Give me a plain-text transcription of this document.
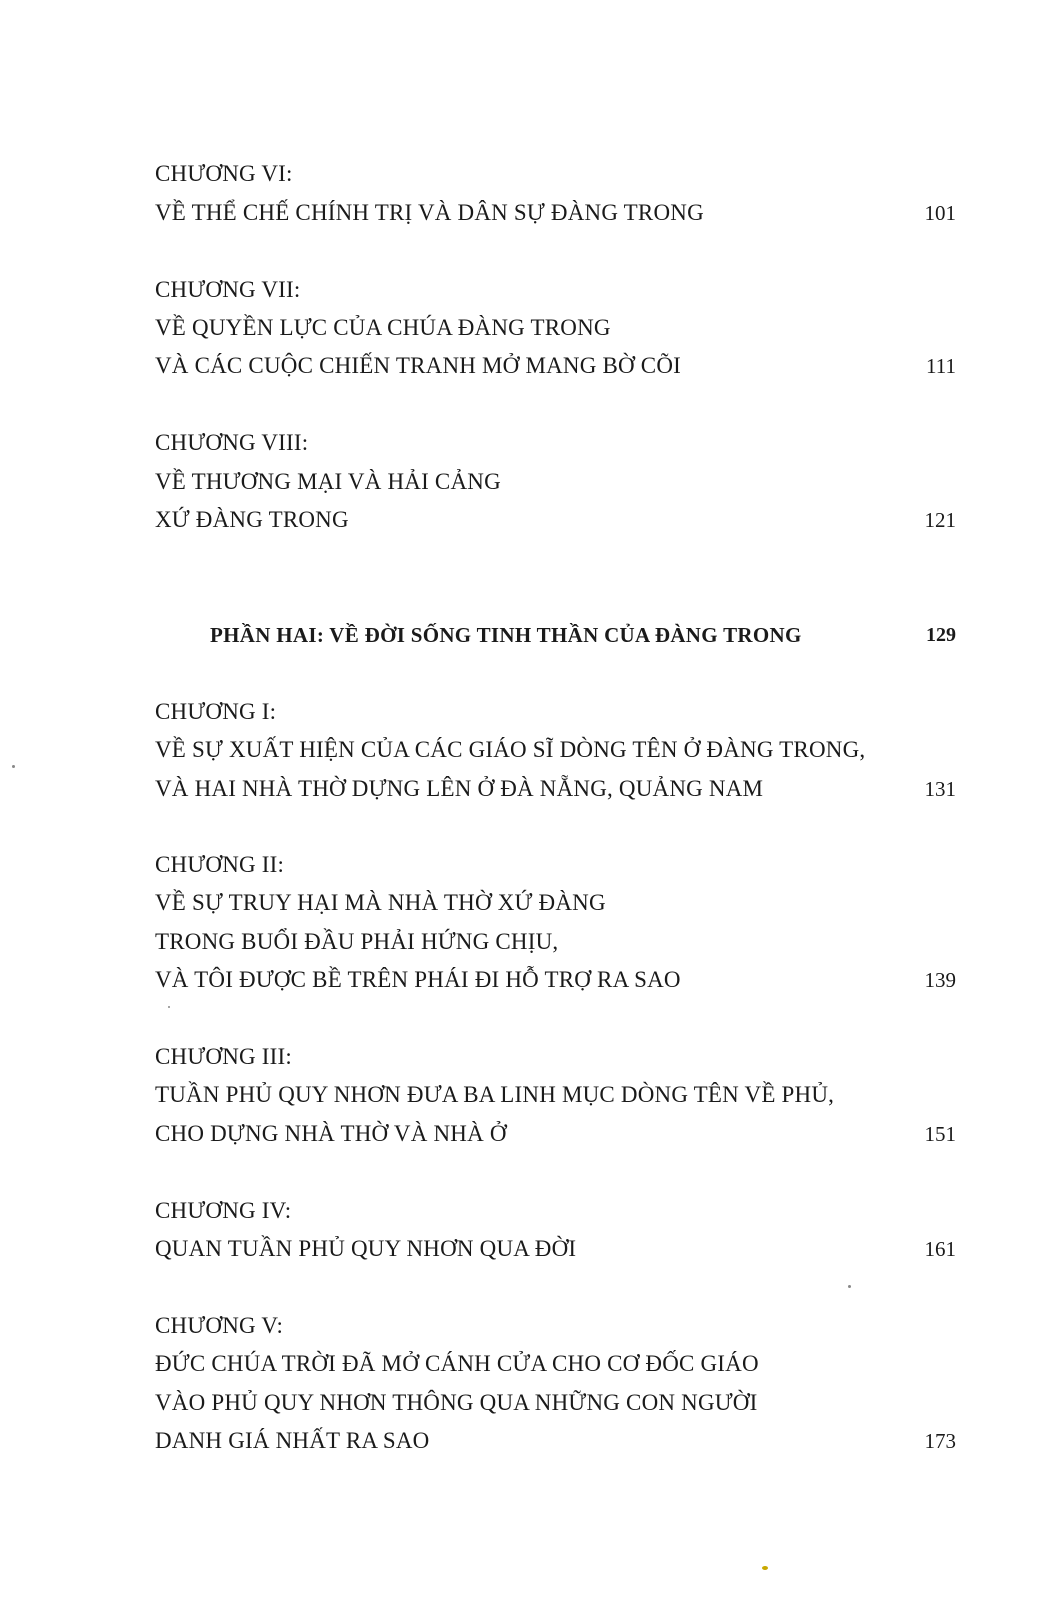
CHƯƠNG VI:
VỀ THỂ CHẾ CHÍNH TRỊ VÀ DÂN SỰ ĐÀNG TRONG	101
CHƯƠNG VII:
VỀ QUYỀN LỰC CỦA CHÚA ĐÀNG TRONG
VÀ CÁC CUỘC CHIẾN TRANH MỞ MANG BỜ CÕI	111
CHƯƠNG VIII:
VỀ THƯƠNG MẠI VÀ HẢI CẢNG
XỨ ĐÀNG TRONG	121
PHẦN HAI: VỀ ĐỜI SỐNG TINH THẦN CỦA ĐÀNG TRONG	129
CHƯƠNG I:
VỀ SỰ XUẤT HIỆN CỦA CÁC GIÁO SĨ DÒNG TÊN Ở ĐÀNG TRONG,
VÀ HAI NHÀ THỜ DỰNG LÊN Ở ĐÀ NẴNG, QUẢNG NAM	131
CHƯƠNG II:
VỀ SỰ TRUY HẠI MÀ NHÀ THỜ XỨ ĐÀNG
TRONG BUỔI ĐẦU PHẢI HỨNG CHỊU,
VÀ TÔI ĐƯỢC BỀ TRÊN PHÁI ĐI HỖ TRỢ RA SAO	139
CHƯƠNG III:
TUẦN PHỦ QUY NHƠN ĐƯA BA LINH MỤC DÒNG TÊN VỀ PHỦ,
CHO DỰNG NHÀ THỜ VÀ NHÀ Ở	151
CHƯƠNG IV:
QUAN TUẦN PHỦ QUY NHƠN QUA ĐỜI	161
CHƯƠNG V:
ĐỨC CHÚA TRỜI ĐÃ MỞ CÁNH CỬA CHO CƠ ĐỐC GIÁO
VÀO PHỦ QUY NHƠN THÔNG QUA NHỮNG CON NGƯỜI
DANH GIÁ NHẤT RA SAO	173
